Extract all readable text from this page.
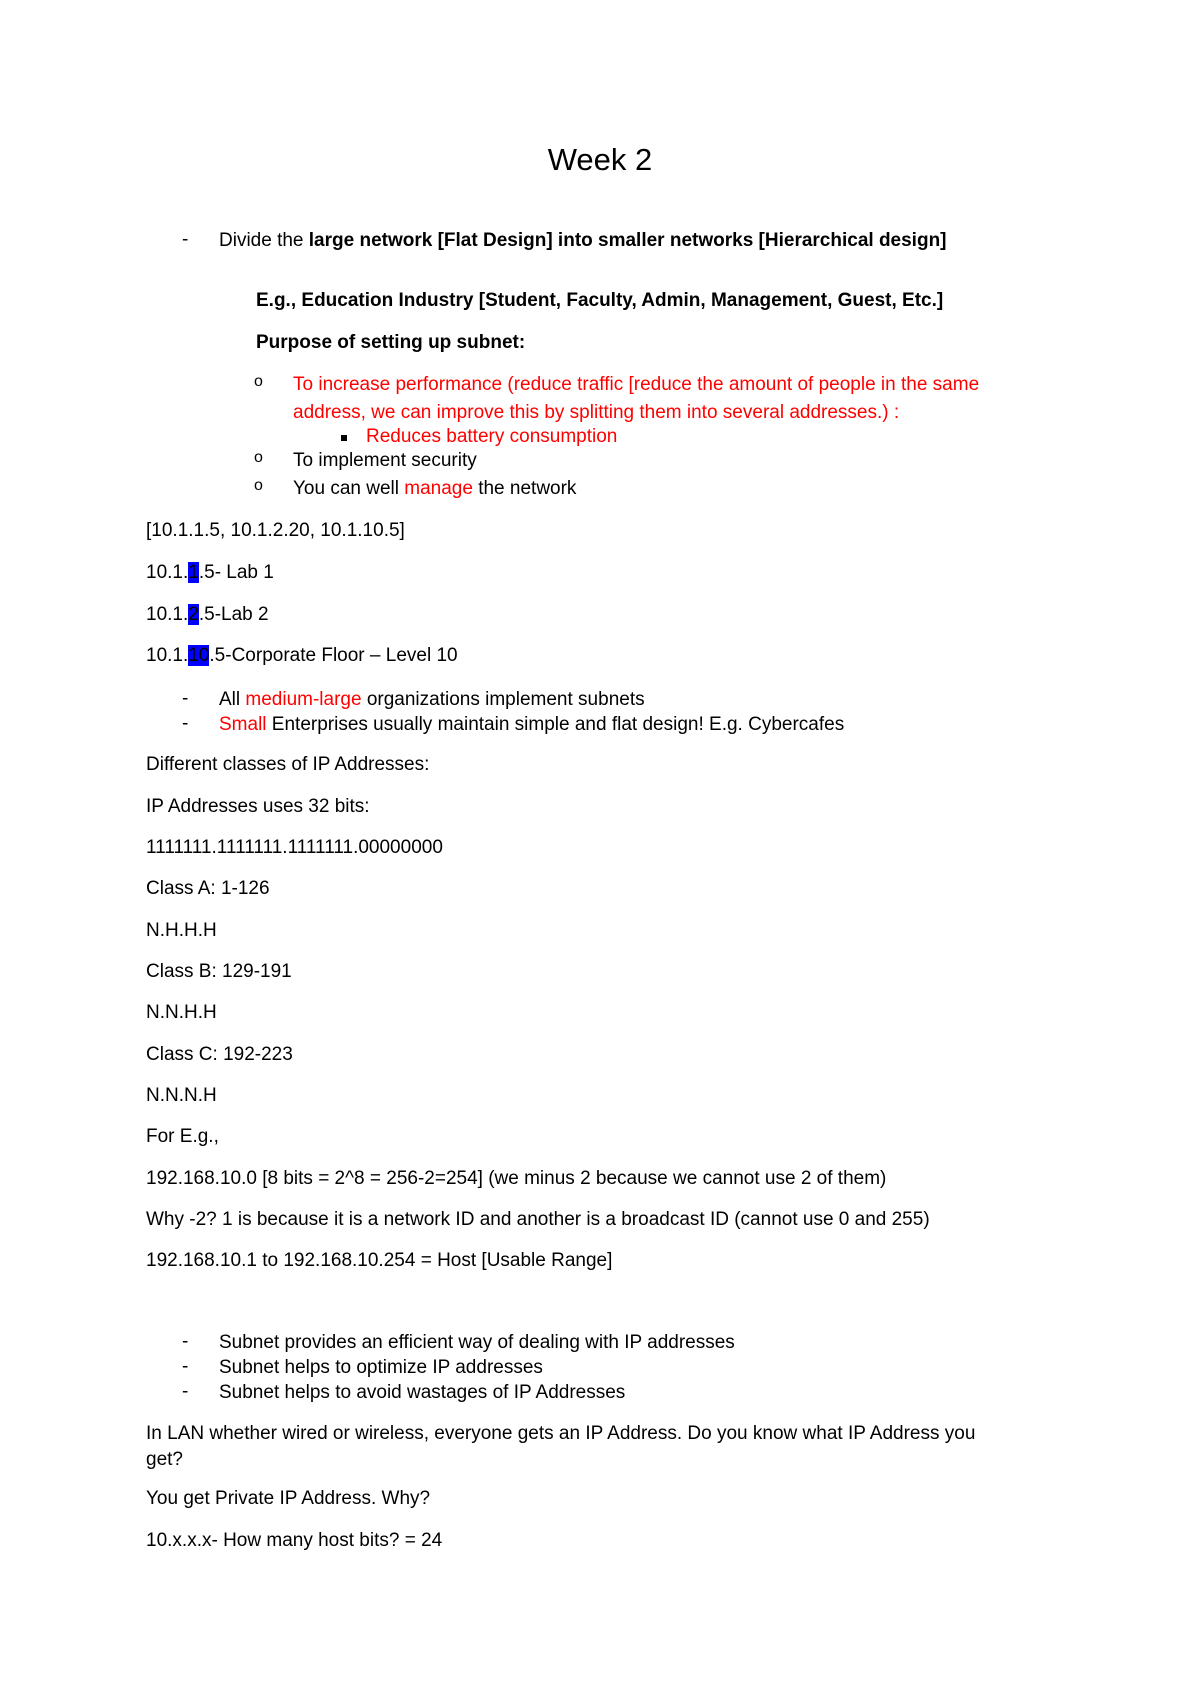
Week 2
-
Divide the large network [Flat Design] into smaller networks [Hierarchical design]
E.g., Education Industry [Student, Faculty, Admin, Management, Guest, Etc.]
Purpose of setting up subnet:
o To increase performance (reduce traffic [reduce the amount of people in the same
address, we can improve this by splitting them into several addresses.) :
Reduces battery consumption
o To implement security
o You can well manage the network
[10.1.1.5, 10.1.2.20, 10.1.10.5]
10.1.1.5- Lab 1
10.1.2.5-Lab 2
10.1.10.5-Corporate Floor – Level 10
-
All medium-large organizations implement subnets
-
Small Enterprises usually maintain simple and flat design! E.g. Cybercafes
Different classes of IP Addresses:
IP Addresses uses 32 bits:
1111111.1111111.1111111.00000000
Class A: 1-126
N.H.H.H
Class B: 129-191
N.N.H.H
Class C: 192-223
N.N.N.H
For E.g.,
192.168.10.0 [8 bits = 2^8 = 256-2=254] (we minus 2 because we cannot use 2 of them)
Why -2? 1 is because it is a network ID and another is a broadcast ID (cannot use 0 and 255)
192.168.10.1 to 192.168.10.254 = Host [Usable Range]
-
Subnet provides an efficient way of dealing with IP addresses
-
Subnet helps to optimize IP addresses
-
Subnet helps to avoid wastages of IP Addresses
In LAN whether wired or wireless, everyone gets an IP Address. Do you know what IP Address you
get?
You get Private IP Address. Why?
10.x.x.x- How many host bits? = 24
